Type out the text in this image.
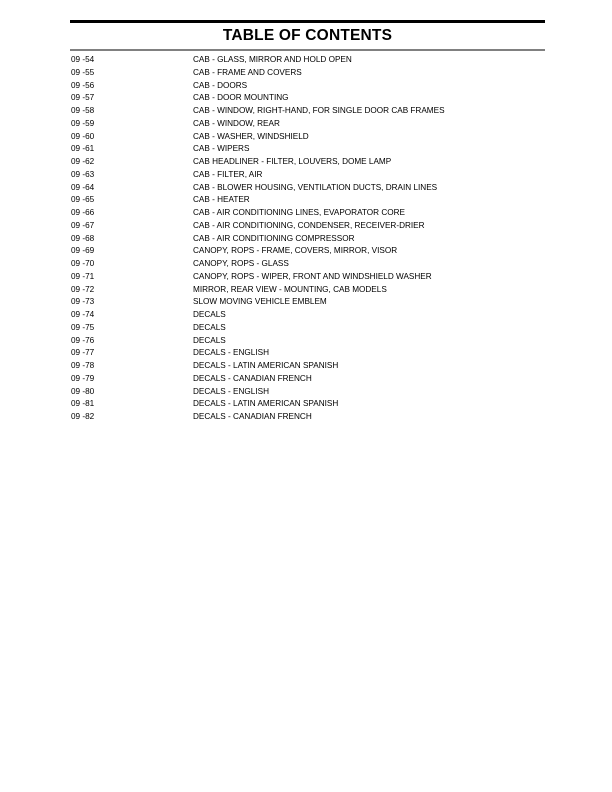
TABLE OF CONTENTS
09 -54	CAB - GLASS, MIRROR AND HOLD OPEN
09 -55	CAB - FRAME AND COVERS
09 -56	CAB - DOORS
09 -57	CAB - DOOR MOUNTING
09 -58	CAB - WINDOW, RIGHT-HAND, FOR SINGLE DOOR CAB FRAMES
09 -59	CAB - WINDOW, REAR
09 -60	CAB - WASHER, WINDSHIELD
09 -61	CAB - WIPERS
09 -62	CAB HEADLINER - FILTER, LOUVERS, DOME LAMP
09 -63	CAB - FILTER, AIR
09 -64	CAB - BLOWER HOUSING, VENTILATION DUCTS, DRAIN LINES
09 -65	CAB - HEATER
09 -66	CAB - AIR CONDITIONING LINES, EVAPORATOR CORE
09 -67	CAB - AIR CONDITIONING, CONDENSER, RECEIVER-DRIER
09 -68	CAB - AIR CONDITIONING COMPRESSOR
09 -69	CANOPY, ROPS - FRAME, COVERS, MIRROR, VISOR
09 -70	CANOPY, ROPS - GLASS
09 -71	CANOPY, ROPS - WIPER, FRONT AND WINDSHIELD WASHER
09 -72	MIRROR, REAR VIEW - MOUNTING, CAB MODELS
09 -73	SLOW MOVING VEHICLE EMBLEM
09 -74	DECALS
09 -75	DECALS
09 -76	DECALS
09 -77	DECALS - ENGLISH
09 -78	DECALS - LATIN AMERICAN SPANISH
09 -79	DECALS - CANADIAN FRENCH
09 -80	DECALS - ENGLISH
09 -81	DECALS - LATIN AMERICAN SPANISH
09 -82	DECALS - CANADIAN FRENCH
